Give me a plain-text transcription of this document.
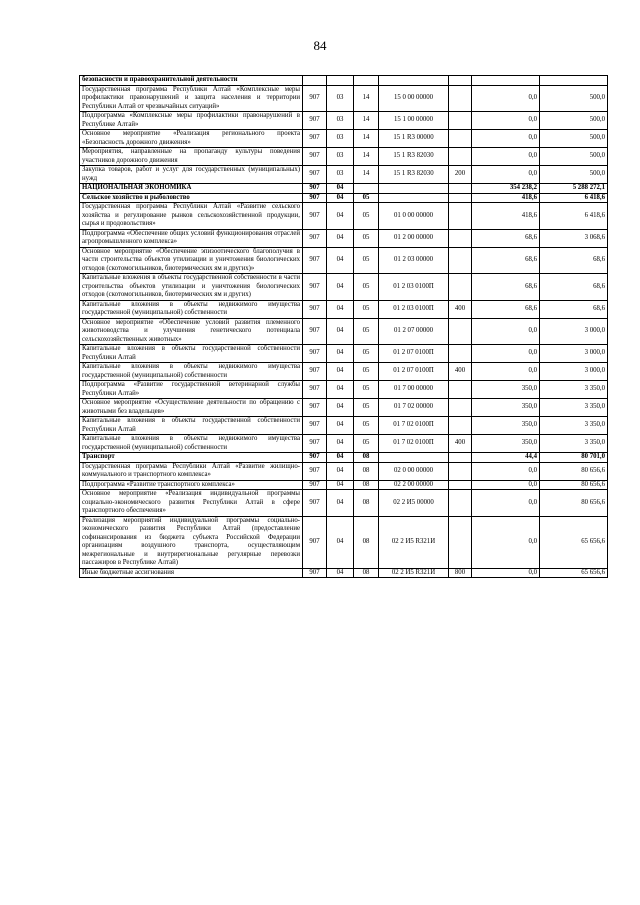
84
безопасности и правоохранительной деятельности							
Государственная программа Республики Алтай «Комплексные меры профилактики правонарушений и защита населения и территории Республики Алтай от чрезвычайных ситуаций»	907	03	14	15 0 00 00000		0,0	500,0
Подпрограмма «Комплексные меры профилактики правонарушений в Республике Алтай»	907	03	14	15 1 00 00000		0,0	500,0
Основное мероприятие «Реализация регионального проекта «Безопасность дорожного движения»	907	03	14	15 1 R3 00000		0,0	500,0
Мероприятия, направленные на пропаганду культуры поведения участников дорожного движения	907	03	14	15 1 R3 82030		0,0	500,0
Закупка товаров, работ и услуг для государственных (муниципальных) нужд	907	03	14	15 1 R3 82030	200	0,0	500,0
НАЦИОНАЛЬНАЯ ЭКОНОМИКА	907	04				354 238,2	5 288 272,1
Сельское хозяйство и рыболовство	907	04	05			418,6	6 418,6
Государственная программа Республики Алтай «Развитие сельского хозяйства и регулирование рынков сельскохозяйственной продукции, сырья и продовольствия»	907	04	05	01 0 00 00000		418,6	6 418,6
Подпрограмма «Обеспечение общих условий функционирования отраслей агропромышленного комплекса»	907	04	05	01 2 00 00000		68,6	3 068,6
Основное мероприятие «Обеспечение эпизоотического благополучия в части строительства объектов утилизации и уничтожения биологических отходов (скотомогильников, биотермических ям и других)»	907	04	05	01 2 03 00000		68,6	68,6
Капитальные вложения в объекты государственной собственности в части строительства объектов утилизации и уничтожения биологических отходов (скотомогильников, биотермических ям и других)	907	04	05	01 2 03 0100П		68,6	68,6
Капитальные вложения в объекты недвижимого имущества государственной (муниципальной) собственности	907	04	05	01 2 03 0100П	400	68,6	68,6
Основное мероприятие «Обеспечение условий развития племенного животноводства и улучшения генетического потенциала сельскохозяйственных животных»	907	04	05	01 2 07 00000		0,0	3 000,0
Капитальные вложения в объекты государственной собственности Республики Алтай	907	04	05	01 2 07 0100П		0,0	3 000,0
Капитальные вложения в объекты недвижимого имущества государственной (муниципальной) собственности	907	04	05	01 2 07 0100П	400	0,0	3 000,0
Подпрограмма «Развитие государственной ветеринарной службы Республики Алтай»	907	04	05	01 7 00 00000		350,0	3 350,0
Основное мероприятие «Осуществление деятельности по обращению с животными без владельцев»	907	04	05	01 7 02 00000		350,0	3 350,0
Капитальные вложения в объекты государственной собственности Республики Алтай	907	04	05	01 7 02 0100П		350,0	3 350,0
Капитальные вложения в объекты недвижимого имущества государственной (муниципальной) собственности	907	04	05	01 7 02 0100П	400	350,0	3 350,0
Транспорт	907	04	08			44,4	80 701,0
Государственная программа Республики Алтай «Развитие жилищно-коммунального и транспортного комплекса»	907	04	08	02 0 00 00000		0,0	80 656,6
Подпрограмма «Развитие транспортного комплекса»	907	04	08	02 2 00 00000		0,0	80 656,6
Основное мероприятие «Реализация индивидуальной программы социально-экономического развития Республики Алтай в сфере транспортного обеспечения»	907	04	08	02 2 И5 00000		0,0	80 656,6
Реализация мероприятий индивидуальной программы социально-экономического развития Республики Алтай (предоставление софинансирования из бюджета субъекта Российской Федерации организациям воздушного транспорта, осуществляющим межрегиональные и внутрирегиональные регулярные перевозки пассажиров в Республике Алтай)	907	04	08	02 2 И5 R321И		0,0	65 656,6
Иные бюджетные ассигнования	907	04	08	02 2 И5 R321И	800	0,0	65 656,6
